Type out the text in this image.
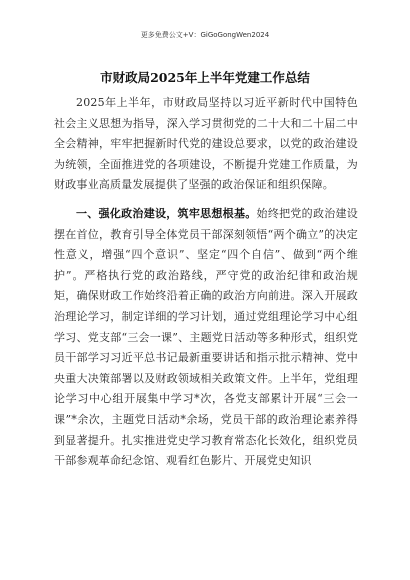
更多免费公文+V：GiGoGongWen2024
市财政局2025年上半年党建工作总结

2025年上半年，市财政局坚持以习近平新时代中国特色社会主义思想为指导，深入学习贯彻党的二十大和二十届二中全会精神，牢牢把握新时代党的建设总要求，以党的政治建设为统领，全面推进党的各项建设，不断提升党建工作质量，为财政事业高质量发展提供了坚强的政治保证和组织保障。

一、强化政治建设，筑牢思想根基。始终把党的政治建设摆在首位，教育引导全体党员干部深刻领悟“两个确立”的决定性意义，增强“四个意识”、坚定“四个自信”、做到“两个维护”。严格执行党的政治路线，严守党的政治纪律和政治规矩，确保财政工作始终沿着正确的政治方向前进。深入开展政治理论学习，制定详细的学习计划，通过党组理论学习中心组学习、党支部“三会一课”、主题党日活动等多种形式，组织党员干部学习习近平总书记最新重要讲话和指示批示精神、党中央重大决策部署以及财政领域相关政策文件。上半年，党组理论学习中心组开展集中学习*次，各党支部累计开展“三会一课”*余次，主题党日活动*余场，党员干部的政治理论素养得到显著提升。扎实推进党史学习教育常态化长效化，组织党员干部参观革命纪念馆、观看红色影片、开展党史知识
